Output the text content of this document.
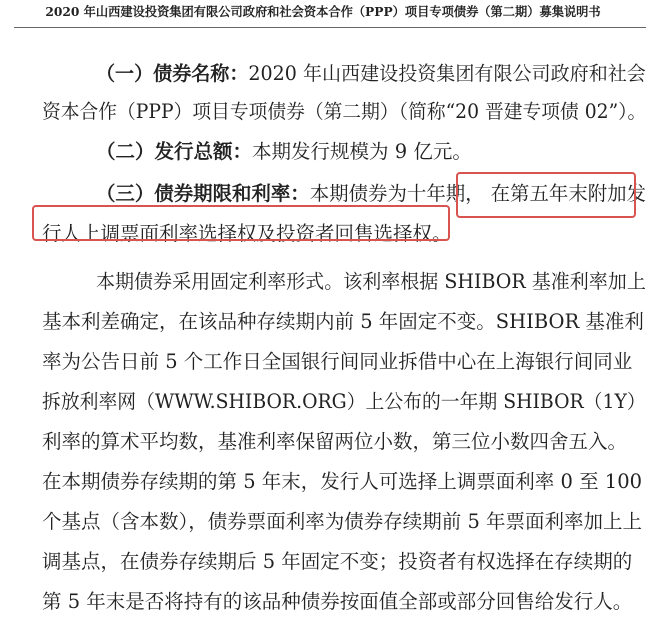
2020 年山西建设投资集团有限公司政府和社会资本合作（PPP）项目专项债券（第二期）募集说明书
（一）债券名称：2020 年山西建设投资集团有限公司政府和社会
资本合作（PPP）项目专项债券（第二期）（简称“20 晋建专项债 02”）。
（二）发行总额：本期发行规模为 9 亿元。
（三）债券期限和利率：本期债券为十年期， 在第五年末附加发
行人上调票面利率选择权及投资者回售选择权。
本期债券采用固定利率形式。该利率根据 SHIBOR 基准利率加上
基本利差确定，在该品种存续期内前 5 年固定不变。SHIBOR 基准利
率为公告日前 5 个工作日全国银行间同业拆借中心在上海银行间同业
拆放利率网（WWW.SHIBOR.ORG）上公布的一年期 SHIBOR（1Y）
利率的算术平均数，基准利率保留两位小数，第三位小数四舍五入。
在本期债券存续期的第 5 年末，发行人可选择上调票面利率 0 至 100
个基点（含本数），债券票面利率为债券存续期前 5 年票面利率加上上
调基点，在债券存续期后 5 年固定不变；投资者有权选择在存续期的
第 5 年末是否将持有的该品种债券按面值全部或部分回售给发行人。
